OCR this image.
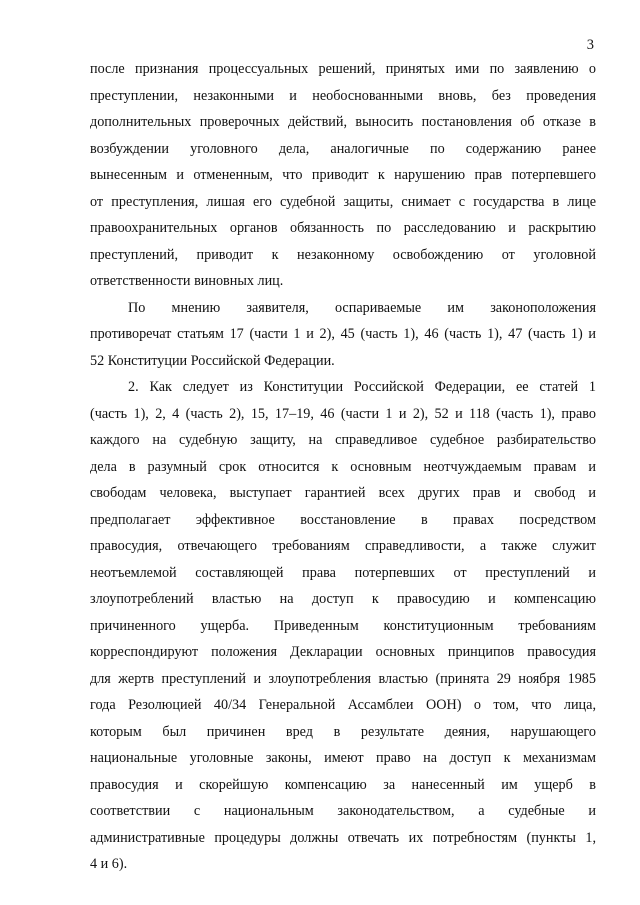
3
после признания процессуальных решений, принятых ими по заявлению о
преступлении, незаконными и необоснованными вновь, без проведения
дополнительных проверочных действий, выносить постановления об отказе в
возбуждении уголовного дела, аналогичные по содержанию ранее
вынесенным и отмененным, что приводит к нарушению прав потерпевшего
от преступления, лишая его судебной защиты, снимает с государства в лице
правоохранительных органов обязанность по расследованию и раскрытию
преступлений, приводит к незаконному освобождению от уголовной
ответственности виновных лиц.
По мнению заявителя, оспариваемые им законоположения
противоречат статьям 17 (части 1 и 2), 45 (часть 1), 46 (часть 1), 47 (часть 1) и
52 Конституции Российской Федерации.
2. Как следует из Конституции Российской Федерации, ее статей 1
(часть 1), 2, 4 (часть 2), 15, 17–19, 46 (части 1 и 2), 52 и 118 (часть 1), право
каждого на судебную защиту, на справедливое судебное разбирательство
дела в разумный срок относится к основным неотчуждаемым правам и
свободам человека, выступает гарантией всех других прав и свобод и
предполагает эффективное восстановление в правах посредством
правосудия, отвечающего требованиям справедливости, а также служит
неотъемлемой составляющей права потерпевших от преступлений и
злоупотреблений властью на доступ к правосудию и компенсацию
причиненного ущерба. Приведенным конституционным требованиям
корреспондируют положения Декларации основных принципов правосудия
для жертв преступлений и злоупотребления властью (принята 29 ноября 1985
года Резолюцией 40/34 Генеральной Ассамблеи ООН) о том, что лица,
которым был причинен вред в результате деяния, нарушающего
национальные уголовные законы, имеют право на доступ к механизмам
правосудия и скорейшую компенсацию за нанесенный им ущерб в
соответствии с национальным законодательством, а судебные и
административные процедуры должны отвечать их потребностям (пункты 1,
4 и 6).
